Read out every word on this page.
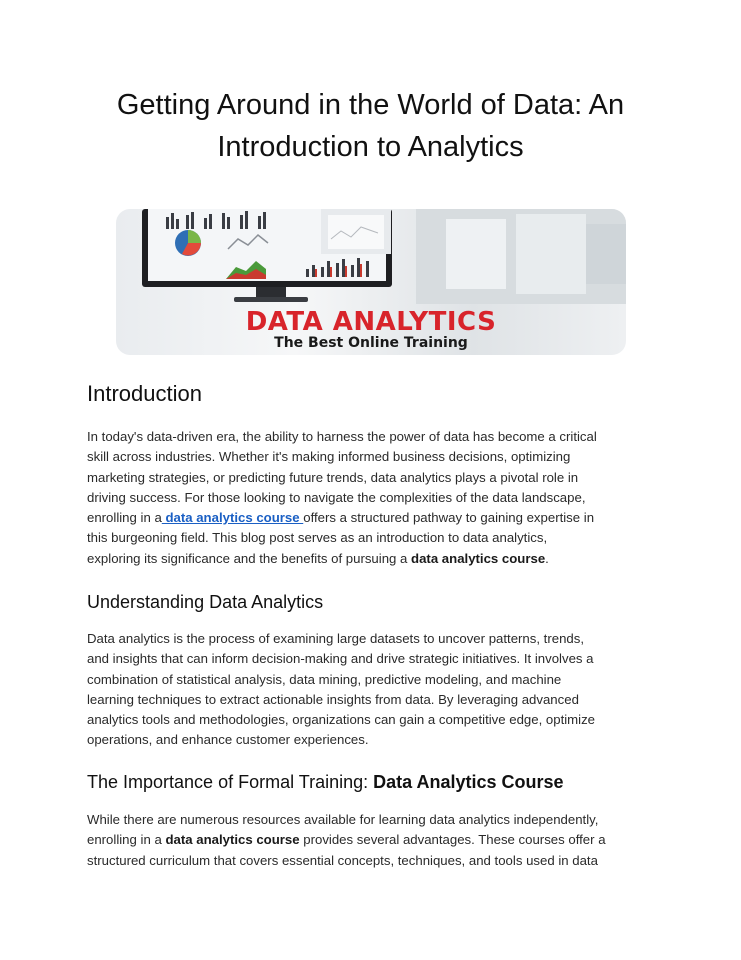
Getting Around in the World of Data: An
Introduction to Analytics
DATA ANALYTICS
The Best Online Training
Introduction

In today's data-driven era, the ability to harness the power of data has become a critical
skill across industries. Whether it's making informed business decisions, optimizing
marketing strategies, or predicting future trends, data analytics plays a pivotal role in
driving success. For those looking to navigate the complexities of the data landscape,
enrolling in a data analytics course offers a structured pathway to gaining expertise in
this burgeoning field. This blog post serves as an introduction to data analytics,
exploring its significance and the benefits of pursuing a data analytics course.

Understanding Data Analytics

Data analytics is the process of examining large datasets to uncover patterns, trends,
and insights that can inform decision-making and drive strategic initiatives. It involves a
combination of statistical analysis, data mining, predictive modeling, and machine
learning techniques to extract actionable insights from data. By leveraging advanced
analytics tools and methodologies, organizations can gain a competitive edge, optimize
operations, and enhance customer experiences.

The Importance of Formal Training: Data Analytics Course

While there are numerous resources available for learning data analytics independently,
enrolling in a data analytics course provides several advantages. These courses offer a
structured curriculum that covers essential concepts, techniques, and tools used in data
